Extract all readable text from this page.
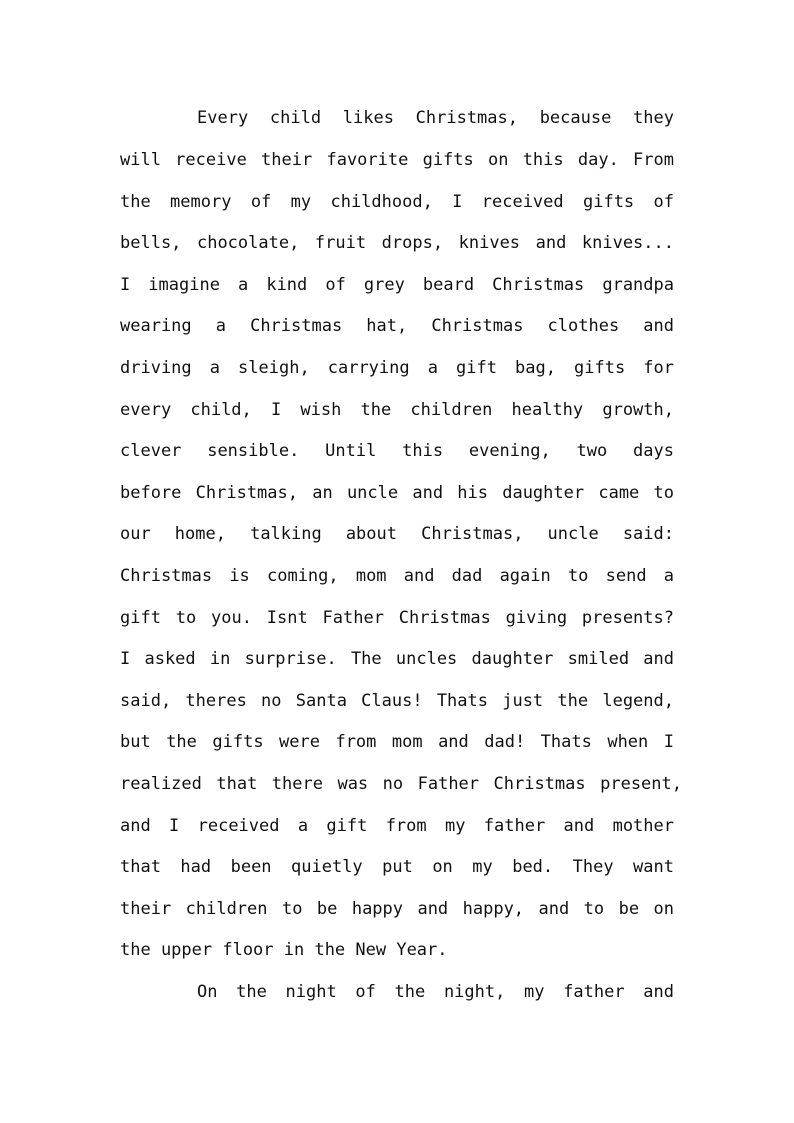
Every child likes Christmas, because they
will receive their favorite gifts on this day. From
the memory of my childhood, I received gifts of
bells, chocolate, fruit drops, knives and knives...
I imagine a kind of grey beard Christmas grandpa
wearing a Christmas hat, Christmas clothes and
driving a sleigh, carrying a gift bag, gifts for
every child, I wish the children healthy growth,
clever sensible. Until this evening, two days
before Christmas, an uncle and his daughter came to
our home, talking about Christmas, uncle said:
Christmas is coming, mom and dad again to send a
gift to you. Isnt Father Christmas giving presents?
I asked in surprise. The uncles daughter smiled and
said, theres no Santa Claus! Thats just the legend,
but the gifts were from mom and dad! Thats when I
realized that there was no Father Christmas present,
and I received a gift from my father and mother
that had been quietly put on my bed. They want
their children to be happy and happy, and to be on
the upper floor in the New Year.
On the night of the night, my father and
